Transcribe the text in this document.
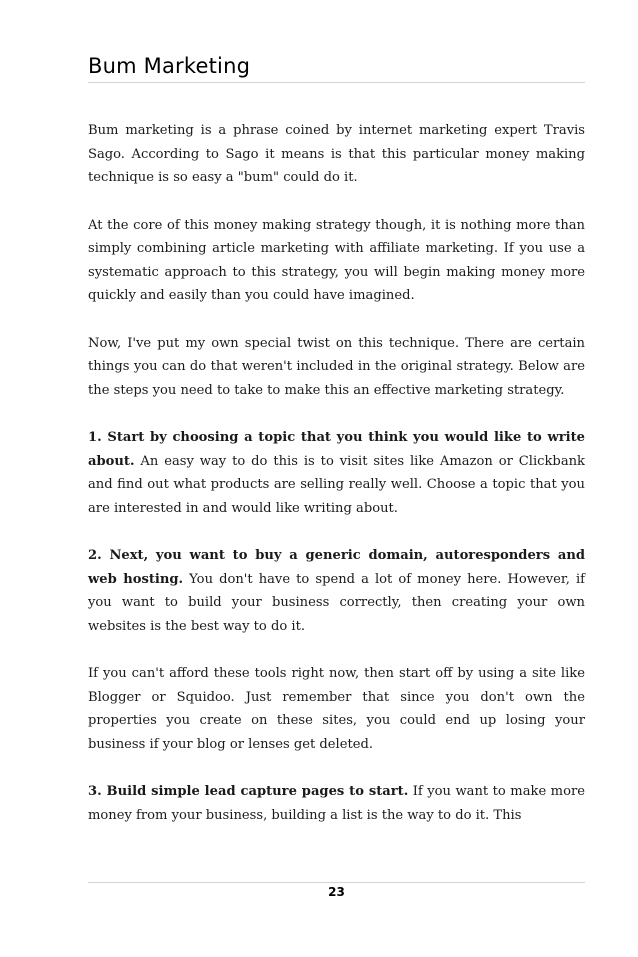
Bum Marketing

Bum marketing is a phrase coined by internet marketing expert Travis Sago. According to Sago it means is that this particular money making technique is so easy a "bum" could do it.

At the core of this money making strategy though, it is nothing more than simply combining article marketing with affiliate marketing. If you use a systematic approach to this strategy, you will begin making money more quickly and easily than you could have imagined.

Now, I've put my own special twist on this technique. There are certain things you can do that weren't included in the original strategy. Below are the steps you need to take to make this an effective marketing strategy.

1. Start by choosing a topic that you think you would like to write about. An easy way to do this is to visit sites like Amazon or Clickbank and find out what products are selling really well. Choose a topic that you are interested in and would like writing about.

2. Next, you want to buy a generic domain, autoresponders and web hosting. You don't have to spend a lot of money here. However, if you want to build your business correctly, then creating your own websites is the best way to do it.

If you can't afford these tools right now, then start off by using a site like Blogger or Squidoo. Just remember that since you don't own the properties you create on these sites, you could end up losing your business if your blog or lenses get deleted.

3. Build simple lead capture pages to start. If you want to make more money from your business, building a list is the way to do it. This

23
